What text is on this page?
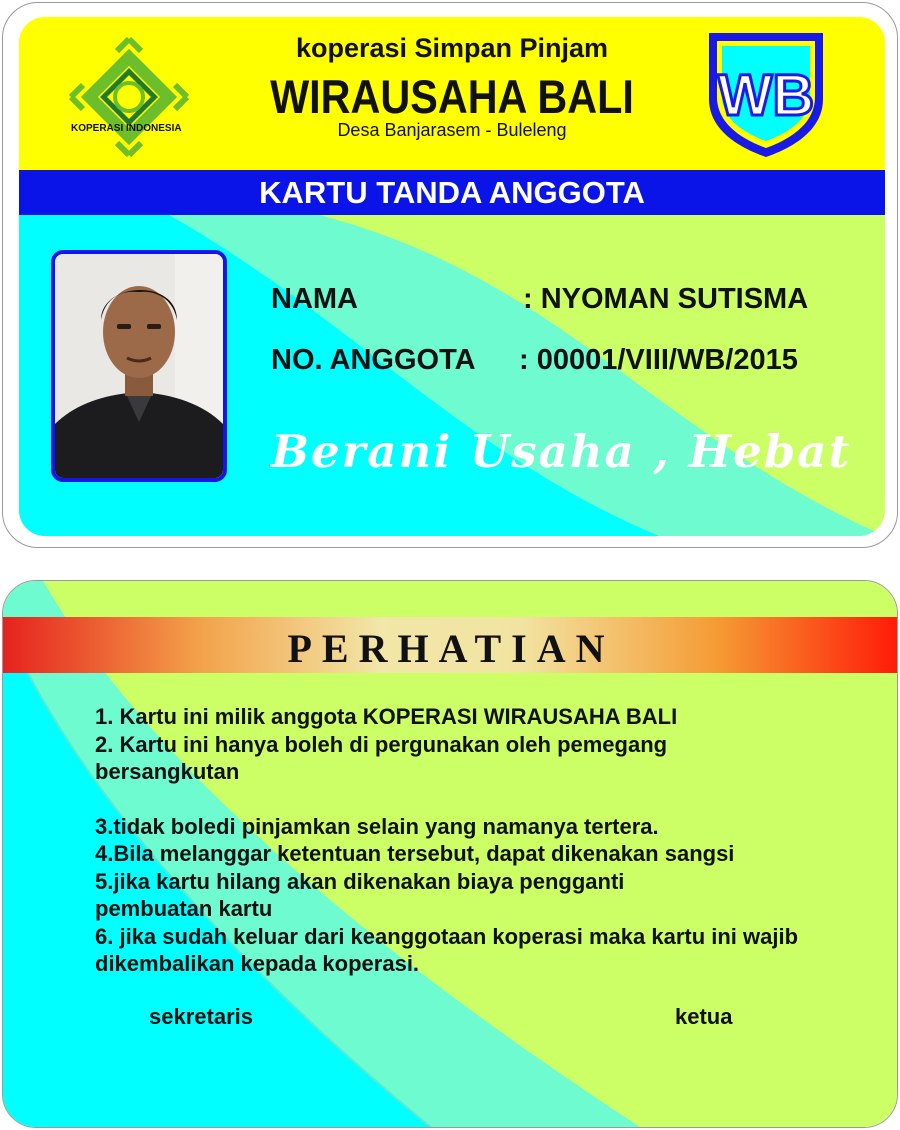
KOPERASI INDONESIA
koperasi Simpan Pinjam
WIRAUSAHA BALI
Desa Banjarasem - Buleleng
WB
KARTU TANDA ANGGOTA
NAMA	: NYOMAN SUTISMA
NO. ANGGOTA : 00001/VIII/WB/2015
Berani Usaha , Hebat
PERHATIAN
1. Kartu ini milik anggota KOPERASI WIRAUSAHA BALI
2. Kartu ini hanya boleh di pergunakan oleh pemegang bersangkutan
3.tidak boledi pinjamkan selain yang namanya tertera.
4.Bila melanggar ketentuan tersebut, dapat dikenakan sangsi
5.jika kartu hilang akan dikenakan biaya pengganti pembuatan kartu
6. jika sudah keluar dari keanggotaan koperasi maka kartu ini wajib dikembalikan kepada koperasi.
sekretaris	ketua
